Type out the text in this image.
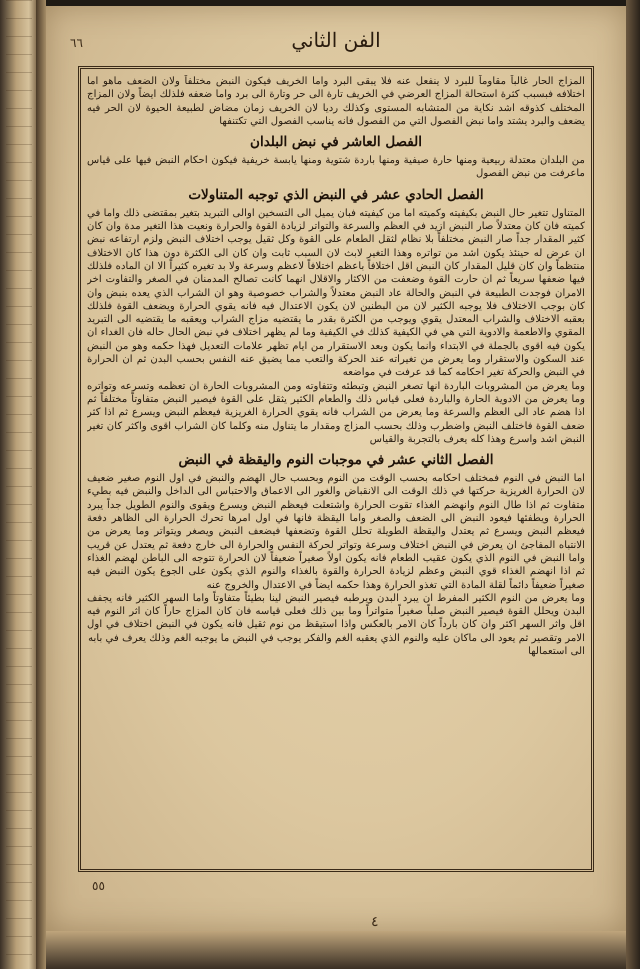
٦٦	الفن الثاني

المزاج الحار غالباً مقاوماً للبرد لا ينفعل عنه فلا يبقى البرد واما الخريف فيكون النبض مختلفاً ولان الضعف ماهو اما اختلافه فبسبب كثرة استحالة المزاج العرضي في الخريف تارة الى حر وتارة الى برد واما ضعفه فلذلك ايضاً ولان المزاج المختلف كذوقه اشد نكاية من المتشابه المستوى وكذلك رديا لان الخريف زمان مضاض لطبيعة الحيوة لان الحر فيه يضعف والبرد يشتد واما نبض الفصول التي من الفصول فانه يناسب الفصول التي تكتنفها

الفصل العاشر في نبض البلدان

من البلدان معتدلة ربيعية ومنها حارة صيفية ومنها باردة شتوية ومنها يابسة خريفية فيكون احكام النبض فيها على قياس ماعرفت من نبض الفصول

الفصل الحادي عشر في النبض الذي توجبه المتناولات

المتناول تتغير حال النبض بكيفيته وكميته اما من كيفيته فبان يميل الى التسخين اوالى التبريد بتغير بمقتضى ذلك واما في كميته فان كان معتدلاً صار النبض ازيد في العظم والسرعة والتواتر لزيادة القوة والحرارة ونعيت هذا التغير مدة وان كان كثير المقدار جداً صار النبض مختلفاً بلا نظام لثقل الطعام على القوة وكل ثقيل يوجب اختلاف النبض ولزم ارتفاعه نبض ان عرض له حينئذ يكون اشد من تواتره وهذا التغير لابث لان السبب ثابت وان كان الى الكثرة دون هذا كان الاختلاف منتظماً وان كان قليل المقدار كان النبض اقل اختلافاً باعظم اختلافاً لاعظم وسرعة ولا بد تغيره كثيراً الا ان الماده فلذلك فيها ضعفها سريعاً ثم ان حارت القوة وضعفت من الاكثار والاقلال انهما كانت تصالح المدمنان في الصغر والتفاوت اخر الامران فوجدت الطبيعة في النبض والحالة عاد النبض معتدلاً والشراب خصوصية وهو ان الشراب الذي يعده بنبض وان كان بوجب الاختلاف فلا يوجبه الكثير لان من البطنين لان يكون الاعتدال فيه فانه يقوي الحرارة ويضعف القوة فلذلك بعقبه الاختلاف والشراب المعتدل يقوي ويوجب من الكثرة بقدر ما يقتضيه مزاج الشراب ويعقبه ما يقتضيه الى التبريد المقوي والاطعمة والادوية التي هي في الكيفية كذلك في الكيفية وما لم يظهر اختلاف في نبض الحال حاله فان الغداء ان يكون فيه اقوى بالجملة في الابتداء وانما يكون وبعد الاستقرار من ايام تظهر علامات التعديل فهذا حكمه وهو من النبض عند السكون والاستقرار وما يعرض من تغيراته عند الحركة والتعب مما يضيق عنه النفس بحسب البدن ثم ان الحرارة في النبض والحركة تغير احكامه كما قد عرفت في مواضعه

وما يعرض من المشروبات الباردة انها تصغر النبض وتبطئه وتتفاوته ومن المشروبات الحارة ان تعظمه وتسرعه وتواتره وما يعرض من الادوية الحارة والباردة فعلى قياس ذلك والطعام الكثير يثقل على القوة فيصير النبض متفاوتاً مختلفاً ثم اذا هضم عاد الى العظم والسرعة وما يعرض من الشراب فانه يقوي الحرارة الغريزية فيعظم النبض ويسرع ثم اذا كثر ضعف القوة فاختلف النبض واضطرب وذلك بحسب المزاج ومقدار ما يتناول منه وكلما كان الشراب اقوى واكثر كان تغير النبض اشد واسرع وهذا كله يعرف بالتجربة والقياس

الفصل الثاني عشر في موجبات النوم واليقظة في النبض

اما النبض في النوم فمختلف احكامه بحسب الوقت من النوم وبحسب حال الهضم والنبض في اول النوم صغير ضعيف لان الحرارة الغريزية حركتها في ذلك الوقت الى الانقباض والغور الى الاعماق والاحتباس الى الداخل والنبض فيه بطيء متفاوت ثم اذا طال النوم وانهضم الغذاء تقوت الحرارة واشتعلت فيعظم النبض ويسرع ويقوى والنوم الطويل جداً يبرد الحرارة ويطفئها فيعود النبض الى الضعف والصغر واما اليقظة فانها في اول امرها تحرك الحرارة الى الظاهر دفعة فيعظم النبض ويسرع ثم يعتدل واليقظة الطويلة تحلل القوة وتضعفها فيضعف النبض ويصغر ويتواتر وما يعرض من الانتباه المفاجئ ان يعرض في النبض اختلاف وسرعة وتواتر لحركة النفس والحرارة الى خارج دفعة ثم يعتدل عن قريب واما النبض في النوم الذي يكون عقيب الطعام فانه يكون اولاً صغيراً ضعيفاً لان الحرارة تتوجه الى الباطن لهضم الغذاء ثم اذا انهضم الغذاء قوي النبض وعظم لزيادة الحرارة والقوة بالغذاء والنوم الذي يكون على الجوع يكون النبض فيه صغيراً ضعيفاً دائماً لقلة المادة التي تغذو الحرارة وهذا حكمه ايضاً في الاعتدال والخروج عنه

وما يعرض من النوم الكثير المفرط ان يبرد البدن ويرطبه فيصير النبض لينا بطيئاً متفاوتاً واما السهر الكثير فانه يجفف البدن ويحلل القوة فيصير النبض صلباً صغيراً متواتراً وما بين ذلك فعلى قياسه فان كان المزاج حاراً كان اثر النوم فيه اقل واثر السهر اكثر وان كان بارداً كان الامر بالعكس واذا استيقظ من نوم ثقيل فانه يكون في النبض اختلاف في اول الامر وتقصير ثم يعود الى ماكان عليه والنوم الذي يعقبه الغم والفكر يوجب في النبض ما يوجبه الغم وذلك يعرف في بابه

الى استعمالها

٥٥
٤
